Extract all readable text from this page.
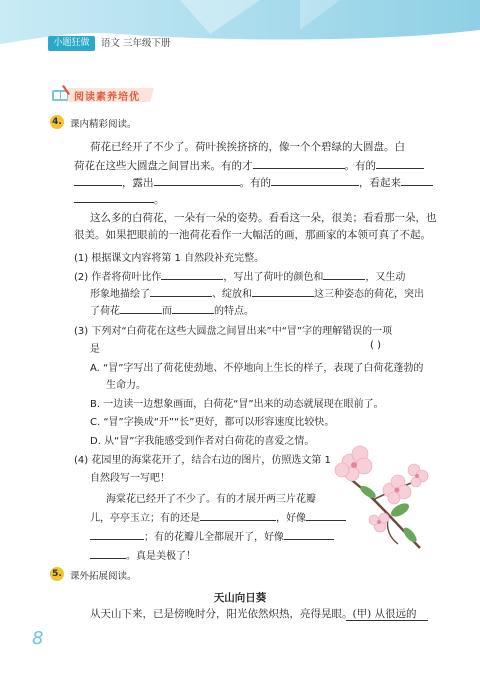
小题狂做	语文 三年级下册
阅读素养培优
4. 课内精彩阅读。
荷花已经开了不少了。荷叶挨挨挤挤的，像一个个碧绿的大圆盘。白
荷花在这些大圆盘之间冒出来。有的才	。有的
，露出	。有的	，看起来
。
这么多的白荷花，一朵有一朵的姿势。看看这一朵，很美；看看那一朵，也
很美。如果把眼前的一池荷花看作一大幅活的画，那画家的本领可真了不起。
(1) 根据课文内容将第 1 自然段补充完整。
(2) 作者将荷叶比作	，写出了荷叶的颜色和	，又生动
形象地描绘了	、绽放和	这三种姿态的荷花，突出
了荷花	而	的特点。
(3) 下列对“白荷花在这些大圆盘之间冒出来”中“冒”字的理解错误的一项
是	( )
A. “冒”字写出了荷花使劲地、不停地向上生长的样子，表现了白荷花蓬勃的
生命力。
B. 一边读一边想象画面，白荷花“冒”出来的动态就展现在眼前了。
C. “冒”字换成“开”“长”更好，都可以形容速度比较快。
D. 从“冒”字我能感受到作者对白荷花的喜爱之情。
(4) 花园里的海棠花开了，结合右边的图片，仿照选文第 1
自然段写一写吧！
海棠花已经开了不少了。有的才展开两三片花瓣
儿，亭亭玉立；有的还是	，好像
；有的花瓣儿全都展开了，好像
。真是美极了！
5. 课外拓展阅读。
天山向日葵
从天山下来，已是傍晚时分，阳光依然炽热，亮得晃眼。(甲) 从很远的
8
